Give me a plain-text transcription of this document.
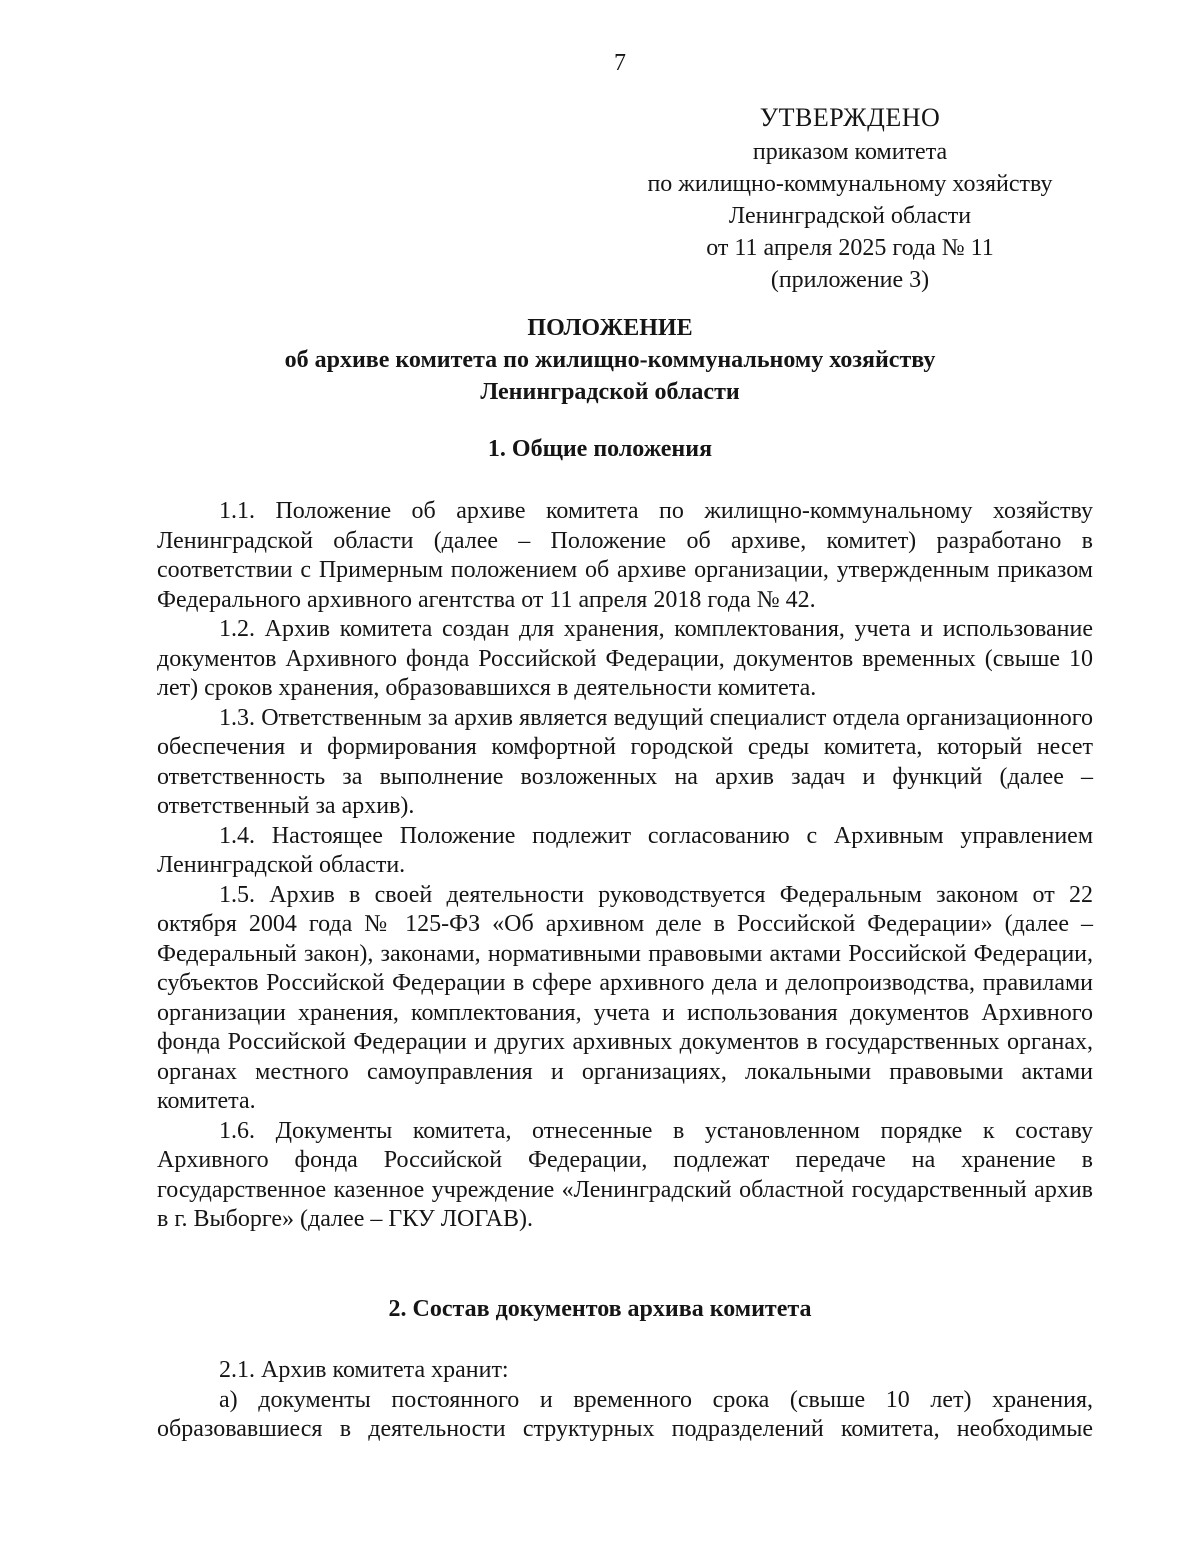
7
УТВЕРЖДЕНО
приказом комитета
по жилищно-коммунальному хозяйству
Ленинградской области
от 11 апреля 2025 года № 11
(приложение 3)
ПОЛОЖЕНИЕ
об архиве комитета по жилищно-коммунальному хозяйству
Ленинградской области
1. Общие положения

1.1. Положение об архиве комитета по жилищно-коммунальному хозяйству Ленинградской области (далее – Положение об архиве, комитет) разработано в соответствии с Примерным положением об архиве организации, утвержденным приказом Федерального архивного агентства от 11 апреля 2018 года № 42.

1.2. Архив комитета создан для хранения, комплектования, учета и использование документов Архивного фонда Российской Федерации, документов временных (свыше 10 лет) сроков хранения, образовавшихся в деятельности комитета.

1.3. Ответственным за архив является ведущий специалист отдела организационного обеспечения и формирования комфортной городской среды комитета, который несет ответственность за выполнение возложенных на архив задач и функций (далее – ответственный за архив).

1.4. Настоящее Положение подлежит согласованию с Архивным управлением Ленинградской области.

1.5. Архив в своей деятельности руководствуется Федеральным законом от 22 октября 2004 года № 125-ФЗ «Об архивном деле в Российской Федерации» (далее – Федеральный закон), законами, нормативными правовыми актами Российской Федерации, субъектов Российской Федерации в сфере архивного дела и делопроизводства, правилами организации хранения, комплектования, учета и использования документов Архивного фонда Российской Федерации и других архивных документов в государственных органах, органах местного самоуправления и организациях, локальными правовыми актами комитета.

1.6. Документы комитета, отнесенные в установленном порядке к составу Архивного фонда Российской Федерации, подлежат передаче на хранение в государственное казенное учреждение «Ленинградский областной государственный архив в г. Выборге» (далее – ГКУ ЛОГАВ).

2. Состав документов архива комитета

2.1. Архив комитета хранит:

а) документы постоянного и временного срока (свыше 10 лет) хранения, образовавшиеся в деятельности структурных подразделений комитета, необходимые
